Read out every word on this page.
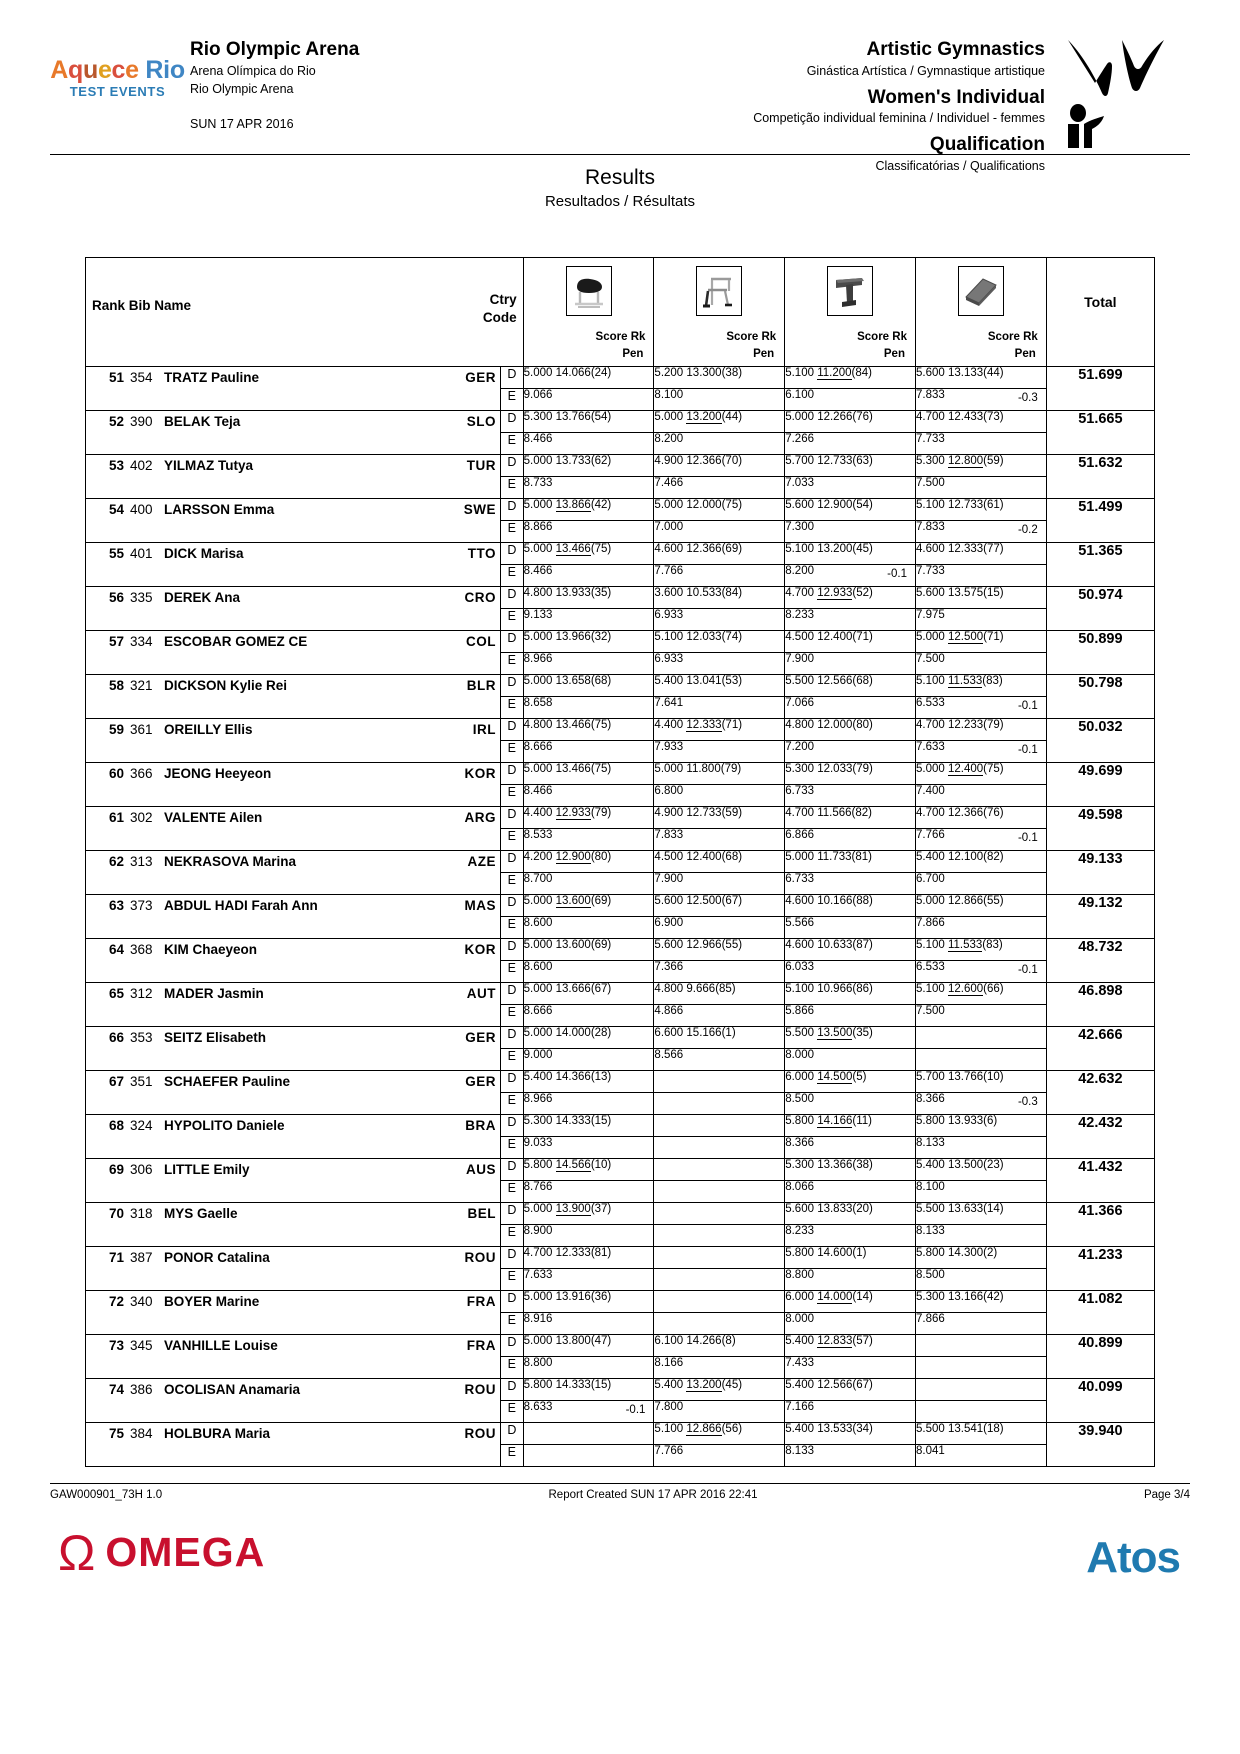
Aquece Rio
TEST EVENTS
Rio Olympic Arena
Arena Olímpica do Rio
Rio Olympic Arena
SUN 17 APR 2016
Artistic Gymnastics
Ginástica Artística / Gymnastique artistique
Women's Individual
Competição individual feminina / Individuel - femmes
Qualification
Classificatórias / Qualifications
Results
Resultados / Résultats
Rank Bib Name	Ctry
Code

Score Rk
Pen

Score Rk
Pen

Score Rk
Pen

Score Rk
Pen

Total

51 354 TRATZ Pauline GER	D	5.000 14.066(24)	5.200 13.300(38)	5.100 11.200(84)	5.600 13.133(44)	51.699
	E	9.066	8.100	6.100	7.833 -0.3	

52 390 BELAK Teja SLO	D	5.300 13.766(54)	5.000 13.200(44)	5.000 12.266(76)	4.700 12.433(73)	51.665
	E	8.466	8.200	7.266	7.733	

53 402 YILMAZ Tutya TUR	D	5.000 13.733(62)	4.900 12.366(70)	5.700 12.733(63)	5.300 12.800(59)	51.632
	E	8.733	7.466	7.033	7.500	

54 400 LARSSON Emma SWE	D	5.000 13.866(42)	5.000 12.000(75)	5.600 12.900(54)	5.100 12.733(61)	51.499
	E	8.866	7.000	7.300	7.833 -0.2	

55 401 DICK Marisa TTO	D	5.000 13.466(75)	4.600 12.366(69)	5.100 13.200(45)	4.600 12.333(77)	51.365
	E	8.466	7.766	8.200 -0.1	7.733	

56 335 DEREK Ana CRO	D	4.800 13.933(35)	3.600 10.533(84)	4.700 12.933(52)	5.600 13.575(15)	50.974
	E	9.133	6.933	8.233	7.975	

57 334 ESCOBAR GOMEZ CE COL	D	5.000 13.966(32)	5.100 12.033(74)	4.500 12.400(71)	5.000 12.500(71)	50.899
	E	8.966	6.933	7.900	7.500	

58 321 DICKSON Kylie Rei BLR	D	5.000 13.658(68)	5.400 13.041(53)	5.500 12.566(68)	5.100 11.533(83)	50.798
	E	8.658	7.641	7.066	6.533 -0.1	

59 361 OREILLY Ellis IRL	D	4.800 13.466(75)	4.400 12.333(71)	4.800 12.000(80)	4.700 12.233(79)	50.032
	E	8.666	7.933	7.200	7.633 -0.1	

60 366 JEONG Heeyeon KOR	D	5.000 13.466(75)	5.000 11.800(79)	5.300 12.033(79)	5.000 12.400(75)	49.699
	E	8.466	6.800	6.733	7.400	

61 302 VALENTE Ailen ARG	D	4.400 12.933(79)	4.900 12.733(59)	4.700 11.566(82)	4.700 12.366(76)	49.598
	E	8.533	7.833	6.866	7.766 -0.1	

62 313 NEKRASOVA Marina AZE	D	4.200 12.900(80)	4.500 12.400(68)	5.000 11.733(81)	5.400 12.100(82)	49.133
	E	8.700	7.900	6.733	6.700	

63 373 ABDUL HADI Farah Ann MAS	D	5.000 13.600(69)	5.600 12.500(67)	4.600 10.166(88)	5.000 12.866(55)	49.132
	E	8.600	6.900	5.566	7.866	

64 368 KIM Chaeyeon KOR	D	5.000 13.600(69)	5.600 12.966(55)	4.600 10.633(87)	5.100 11.533(83)	48.732
	E	8.600	7.366	6.033	6.533 -0.1	

65 312 MADER Jasmin AUT	D	5.000 13.666(67)	4.800 9.666(85)	5.100 10.966(86)	5.100 12.600(66)	46.898
	E	8.666	4.866	5.866	7.500	

66 353 SEITZ Elisabeth GER	D	5.000 14.000(28)	6.600 15.166(1)	5.500 13.500(35)		42.666
	E	9.000	8.566	8.000	

67 351 SCHAEFER Pauline GER	D	5.400 14.366(13)		6.000 14.500(5)	5.700 13.766(10)	42.632
	E	8.966		8.500	8.366 -0.3	

68 324 HYPOLITO Daniele BRA	D	5.300 14.333(15)		5.800 14.166(11)	5.800 13.933(6)	42.432
	E	9.033		8.366	8.133	

69 306 LITTLE Emily AUS	D	5.800 14.566(10)		5.300 13.366(38)	5.400 13.500(23)	41.432
	E	8.766		8.066	8.100	

70 318 MYS Gaelle BEL	D	5.000 13.900(37)		5.600 13.833(20)	5.500 13.633(14)	41.366
	E	8.900		8.233	8.133	

71 387 PONOR Catalina ROU	D	4.700 12.333(81)		5.800 14.600(1)	5.800 14.300(2)	41.233
	E	7.633		8.800	8.500	

72 340 BOYER Marine FRA	D	5.000 13.916(36)		6.000 14.000(14)	5.300 13.166(42)	41.082
	E	8.916		8.000	7.866	

73 345 VANHILLE Louise FRA	D	5.000 13.800(47)	6.100 14.266(8)	5.400 12.833(57)		40.899
	E	8.800	8.166	7.433	

74 386 OCOLISAN Anamaria ROU	D	5.800 14.333(15)	5.400 13.200(45)	5.400 12.566(67)		40.099
	E	8.633 -0.1	7.800	7.166	

75 384 HOLBURA Maria ROU	D		5.100 12.866(56)	5.400 13.533(34)	5.500 13.541(18)	39.940
	E		7.766	8.133	8.041	
GAW000901_73H 1.0	Report Created SUN 17 APR 2016 22:41	Page 3/4
Ω OMEGA	Atos
